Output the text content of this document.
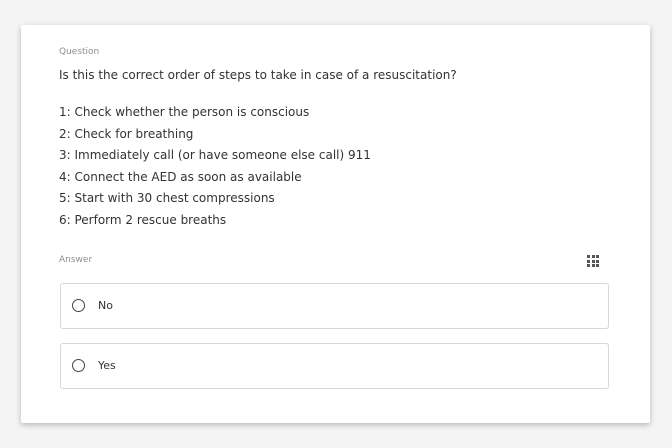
Question
Is this the correct order of steps to take in case of a resuscitation?
1: Check whether the person is conscious
2: Check for breathing
3: Immediately call (or have someone else call) 911
4: Connect the AED as soon as available
5: Start with 30 chest compressions
6: Perform 2 rescue breaths
Answer
No
Yes
